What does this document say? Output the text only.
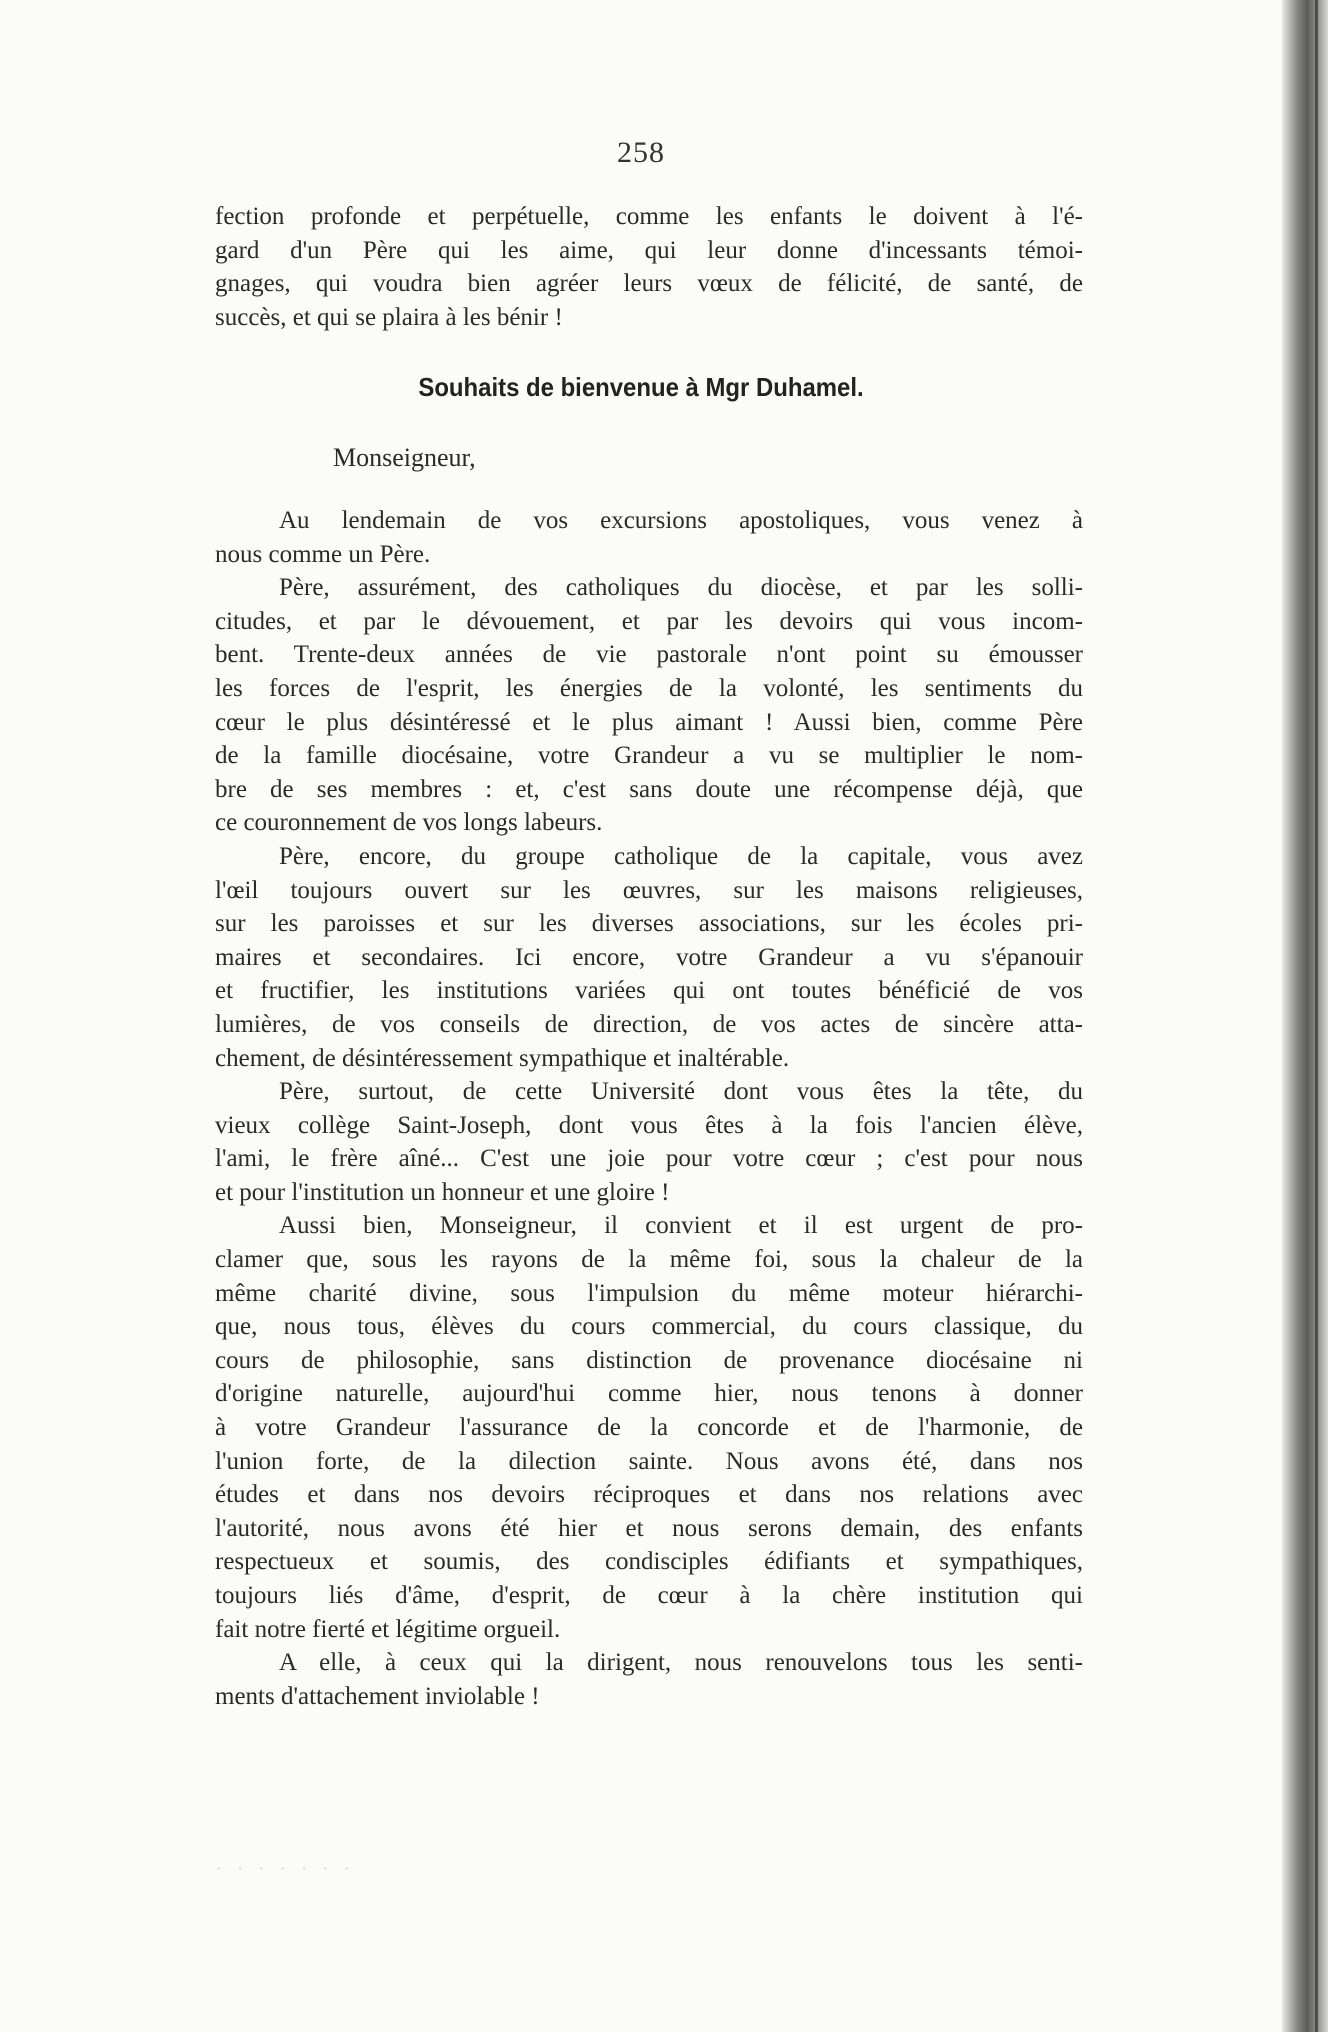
258
fection profonde et perpétuelle, comme les enfants le doivent à l'é-
gard d'un Père qui les aime, qui leur donne d'incessants témoi-
gnages, qui voudra bien agréer leurs vœux de félicité, de santé, de
succès, et qui se plaira à les bénir !
Souhaits de bienvenue à Mgr Duhamel.
Monseigneur,
Au lendemain de vos excursions apostoliques, vous venez à
nous comme un Père.
Père, assurément, des catholiques du diocèse, et par les solli-
citudes, et par le dévouement, et par les devoirs qui vous incom-
bent. Trente-deux années de vie pastorale n'ont point su émousser
les forces de l'esprit, les énergies de la volonté, les sentiments du
cœur le plus désintéressé et le plus aimant ! Aussi bien, comme Père
de la famille diocésaine, votre Grandeur a vu se multiplier le nom-
bre de ses membres : et, c'est sans doute une récompense déjà, que
ce couronnement de vos longs labeurs.
Père, encore, du groupe catholique de la capitale, vous avez
l'œil toujours ouvert sur les œuvres, sur les maisons religieuses,
sur les paroisses et sur les diverses associations, sur les écoles pri-
maires et secondaires. Ici encore, votre Grandeur a vu s'épanouir
et fructifier, les institutions variées qui ont toutes bénéficié de vos
lumières, de vos conseils de direction, de vos actes de sincère atta-
chement, de désintéressement sympathique et inaltérable.
Père, surtout, de cette Université dont vous êtes la tête, du
vieux collège Saint-Joseph, dont vous êtes à la fois l'ancien élève,
l'ami, le frère aîné... C'est une joie pour votre cœur ; c'est pour nous
et pour l'institution un honneur et une gloire !
Aussi bien, Monseigneur, il convient et il est urgent de pro-
clamer que, sous les rayons de la même foi, sous la chaleur de la
même charité divine, sous l'impulsion du même moteur hiérarchi-
que, nous tous, élèves du cours commercial, du cours classique, du
cours de philosophie, sans distinction de provenance diocésaine ni
d'origine naturelle, aujourd'hui comme hier, nous tenons à donner
à votre Grandeur l'assurance de la concorde et de l'harmonie, de
l'union forte, de la dilection sainte. Nous avons été, dans nos
études et dans nos devoirs réciproques et dans nos relations avec
l'autorité, nous avons été hier et nous serons demain, des enfants
respectueux et soumis, des condisciples édifiants et sympathiques,
toujours liés d'âme, d'esprit, de cœur à la chère institution qui
fait notre fierté et légitime orgueil.
A elle, à ceux qui la dirigent, nous renouvelons tous les senti-
ments d'attachement inviolable !
· · · · · · ·
